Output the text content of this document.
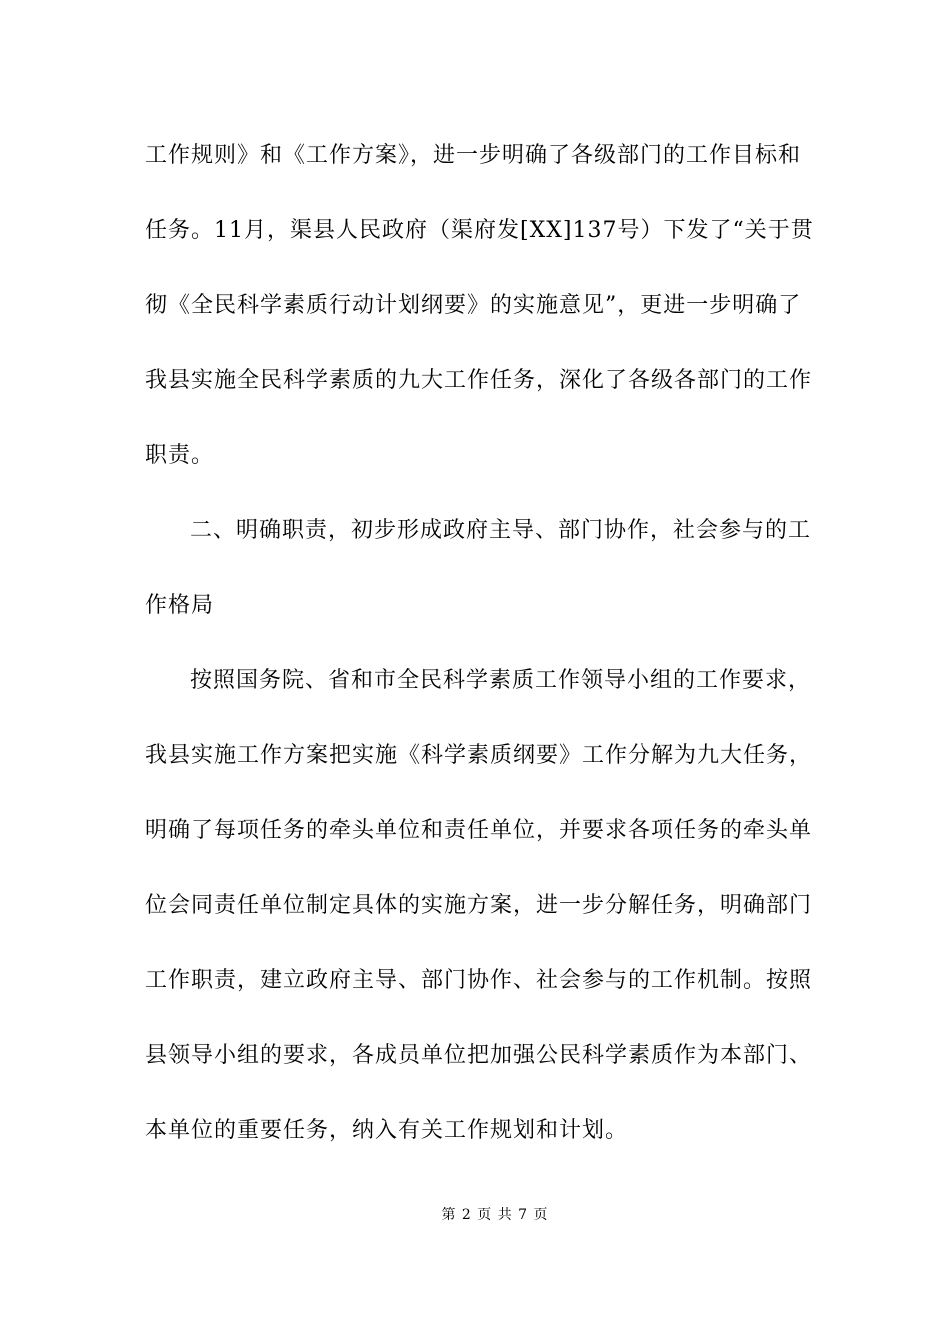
工作规则》和《工作方案》，进一步明确了各级部门的工作目标和
任务。11月，渠县人民政府（渠府发[XX]137号）下发了“关于贯
彻《全民科学素质行动计划纲要》的实施意见”，更进一步明确了
我县实施全民科学素质的九大工作任务，深化了各级各部门的工作
职责。
二、明确职责，初步形成政府主导、部门协作，社会参与的工
作格局
按照国务院、省和市全民科学素质工作领导小组的工作要求，
我县实施工作方案把实施《科学素质纲要》工作分解为九大任务，
明确了每项任务的牵头单位和责任单位，并要求各项任务的牵头单
位会同责任单位制定具体的实施方案，进一步分解任务，明确部门
工作职责，建立政府主导、部门协作、社会参与的工作机制。按照
县领导小组的要求，各成员单位把加强公民科学素质作为本部门、
本单位的重要任务，纳入有关工作规划和计划。
第 2 页 共 7 页
